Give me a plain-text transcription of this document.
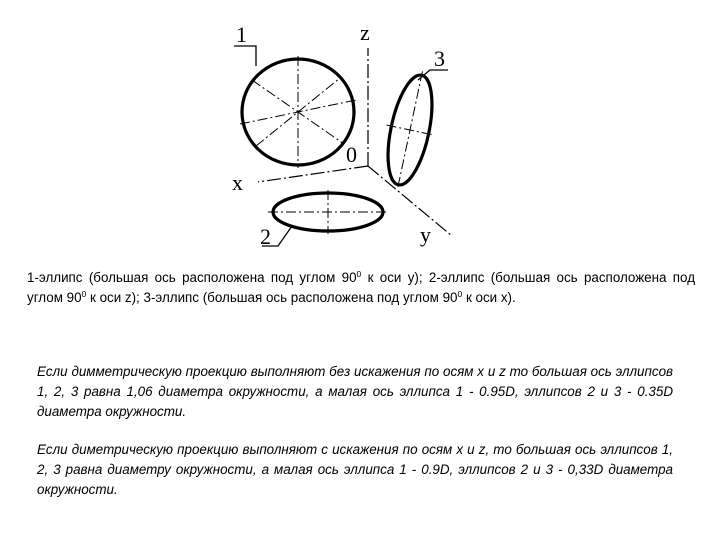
1
3
2
z
x
y
0

1-эллипс (большая ось расположена под углом $90^0$ к оси у); 2-эллипс (большая ось расположена под углом $90^0$ к оси z); 3-эллипс (большая ось расположена под углом $90^0$ к оси х).

Если димметрическую проекцию выполняют без искажения по осям х и z то большая ось эллипсов 1, 2, 3 равна 1,06 диаметра окружности, а малая ось эллипса 1 - 0.95D, эллипсов 2 и 3 - 0.35D диаметра окружности.

Если диметрическую проекцию выполняют с искажения по осям х и z, то большая ось эллипсов 1, 2, 3 равна диаметру окружности, а малая ось эллипса 1 - 0.9D, эллипсов 2 и 3 - 0,33D диаметра окружности.
